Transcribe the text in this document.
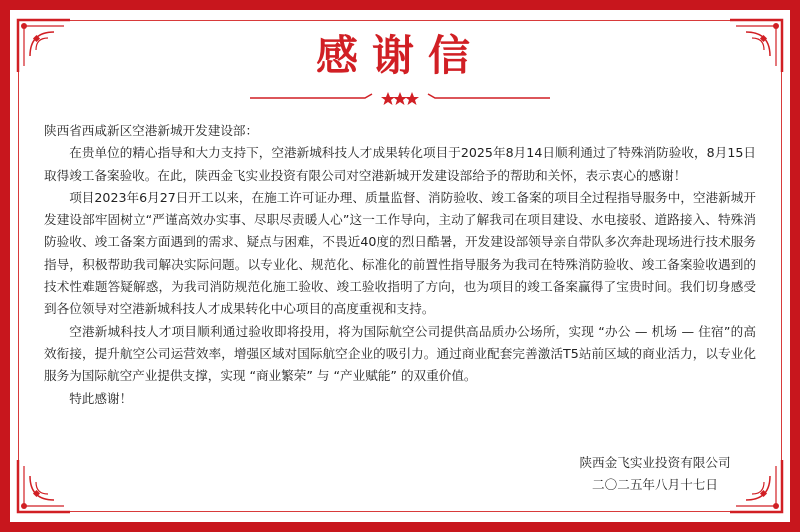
感谢信

陕西省西咸新区空港新城开发建设部：

在贵单位的精心指导和大力支持下，空港新城科技人才成果转化项目于2025年8月14日顺利通过了特殊消防验收，8月15日取得竣工备案验收。在此，陕西金飞实业投资有限公司对空港新城开发建设部给予的帮助和关怀，表示衷心的感谢！

项目2023年6月27日开工以来，在施工许可证办理、质量监督、消防验收、竣工备案的项目全过程指导服务中，空港新城开发建设部牢固树立“严谨高效办实事、尽职尽责暖人心”这一工作导向，主动了解我司在项目建设、水电接驳、道路接入、特殊消防验收、竣工备案方面遇到的需求、疑点与困难，不畏近40度的烈日酷暑，开发建设部领导亲自带队多次奔赴现场进行技术服务指导，积极帮助我司解决实际问题。以专业化、规范化、标准化的前置性指导服务为我司在特殊消防验收、竣工备案验收遇到的技术性难题答疑解惑，为我司消防规范化施工验收、竣工验收指明了方向，也为项目的竣工备案赢得了宝贵时间。我们切身感受到各位领导对空港新城科技人才成果转化中心项目的高度重视和支持。

空港新城科技人才项目顺利通过验收即将投用，将为国际航空公司提供高品质办公场所，实现 “办公 — 机场 — 住宿”的高效衔接，提升航空公司运营效率，增强区域对国际航空企业的吸引力。通过商业配套完善激活T5站前区域的商业活力，以专业化服务为国际航空产业提供支撑，实现 “商业繁荣” 与 “产业赋能” 的双重价值。

特此感谢！

陕西金飞实业投资有限公司
二〇二五年八月十七日
